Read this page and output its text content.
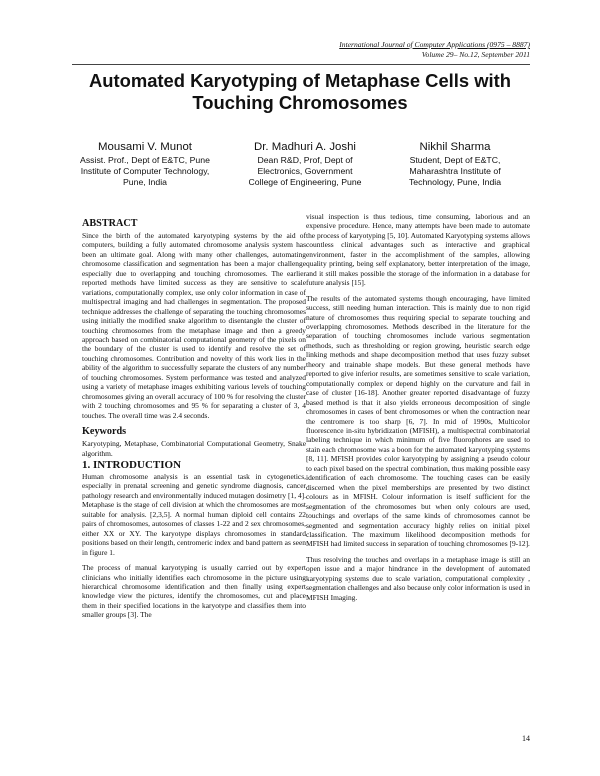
International Journal of Computer Applications (0975 – 8887)
Volume 29– No.12, September 2011
Automated Karyotyping of Metaphase Cells with
Touching Chromosomes
Mousami V. Munot
Assist. Prof., Dept of E&TC, Pune
Institute of Computer Technology,
Pune, India
Dr. Madhuri A. Joshi
Dean R&D, Prof, Dept of
Electronics, Government
College of Engineering, Pune
Nikhil Sharma
Student, Dept of E&TC,
Maharashtra Institute of
Technology, Pune, India
ABSTRACT

Since the birth of the automated karyotyping systems by the aid of computers, building a fully automated chromosome analysis system has been an ultimate goal. Along with many other challenges, automating chromosome classification and segmentation has been a major challenge especially due to overlapping and touching chromosomes. The earlier reported methods have limited success as they are sensitive to scale variations, computationally complex, use only color information in case of multispectral imaging and had challenges in segmentation. The proposed technique addresses the challenge of separating the touching chromosomes using initially the modified snake algorithm to disentangle the cluster of touching chromosomes from the metaphase image and then a greedy approach based on combinatorial computational geometry of the pixels on the boundary of the cluster is used to identify and resolve the set of touching chromosomes. Contribution and novelty of this work lies in the ability of the algorithm to successfully separate the clusters of any number of touching chromosomes. System performance was tested and analyzed using a variety of metaphase images exhibiting various levels of touching chromosomes giving an overall accuracy of 100 % for resolving the cluster with 2 touching chromosomes and 95 % for separating a cluster of 3, 4 touches. The overall time was 2.4 seconds.

Keywords

Karyotyping, Metaphase, Combinatorial Computational Geometry, Snake algorithm.

1. INTRODUCTION

Human chromosome analysis is an essential task in cytogenetics, especially in prenatal screening and genetic syndrome diagnosis, cancer pathology research and environmentally induced mutagen dosimetry [1, 4]. Metaphase is the stage of cell division at which the chromosomes are most suitable for analysis. [2,3,5]. A normal human diploid cell contains 22 pairs of chromosomes, autosomes of classes 1-22 and 2 sex chromosomes, either XX or XY. The karyotype displays chromosomes in standard positions based on their length, centromeric index and band pattern as seen in figure 1.

The process of manual karyotyping is usually carried out by expert clinicians who initially identifies each chromosome in the picture using hierarchical chromosome identification and then finally using expert knowledge view the pictures, identify the chromosomes, cut and place them in their specified locations in the karyotype and classifies them into smaller groups [3]. The

visual inspection is thus tedious, time consuming, laborious and an expensive procedure. Hence, many attempts have been made to automate the process of karyotyping [5, 10]. Automated Karyotyping systems allows countless clinical advantages such as interactive and graphical environment, faster in the accomplishment of the samples, allowing quality printing, being self explanatory, better interpretation of the image, and it still makes possible the storage of the information in a database for future analysis [15].

The results of the automated systems though encouraging, have limited success, still needing human interaction. This is mainly due to non rigid nature of chromosomes thus requiring special to separate touching and overlapping chromosomes. Methods described in the literature for the separation of touching chromosomes include various segmentation methods, such as thresholding or region growing, heuristic search edge linking methods and shape decomposition method that uses fuzzy subset theory and trainable shape models. But these general methods have reported to give inferior results, are sometimes sensitive to scale variation, computationally complex or depend highly on the curvature and fail in case of cluster [16-18]. Another greater reported disadvantage of fuzzy based method is that it also yields erroneous decomposition of single chromosomes in cases of bent chromosomes or when the contraction near the centromere is too sharp [6, 7]. In mid of 1990s, Multicolor fluorescence in-situ hybridization (MFISH), a multispectral combinatorial labeling technique in which minimum of five fluorophores are used to stain each chromosome was a boon for the automated karyotyping systems [8, 11]. MFISH provides color karyotyping by assigning a pseudo colour to each pixel based on the spectral combination, thus making possible easy identification of each chromosome. The touching cases can be easily discerned when the pixel memberships are presented by two distinct colours as in MFISH. Colour information is itself sufficient for the segmentation of the chromosomes but when only colours are used, touchings and overlaps of the same kinds of chromosomes cannot be segmented and segmentation accuracy highly relies on initial pixel classification. The maximum likelihood decomposition methods for MFISH had limited success in separation of touching chromosomes [9-12].

Thus resolving the touches and overlaps in a metaphase image is still an open issue and a major hindrance in the development of automated karyotyping systems due to scale variation, computational complexity , segmentation challenges and also because only color information is used in MFISH Imaging.

14
